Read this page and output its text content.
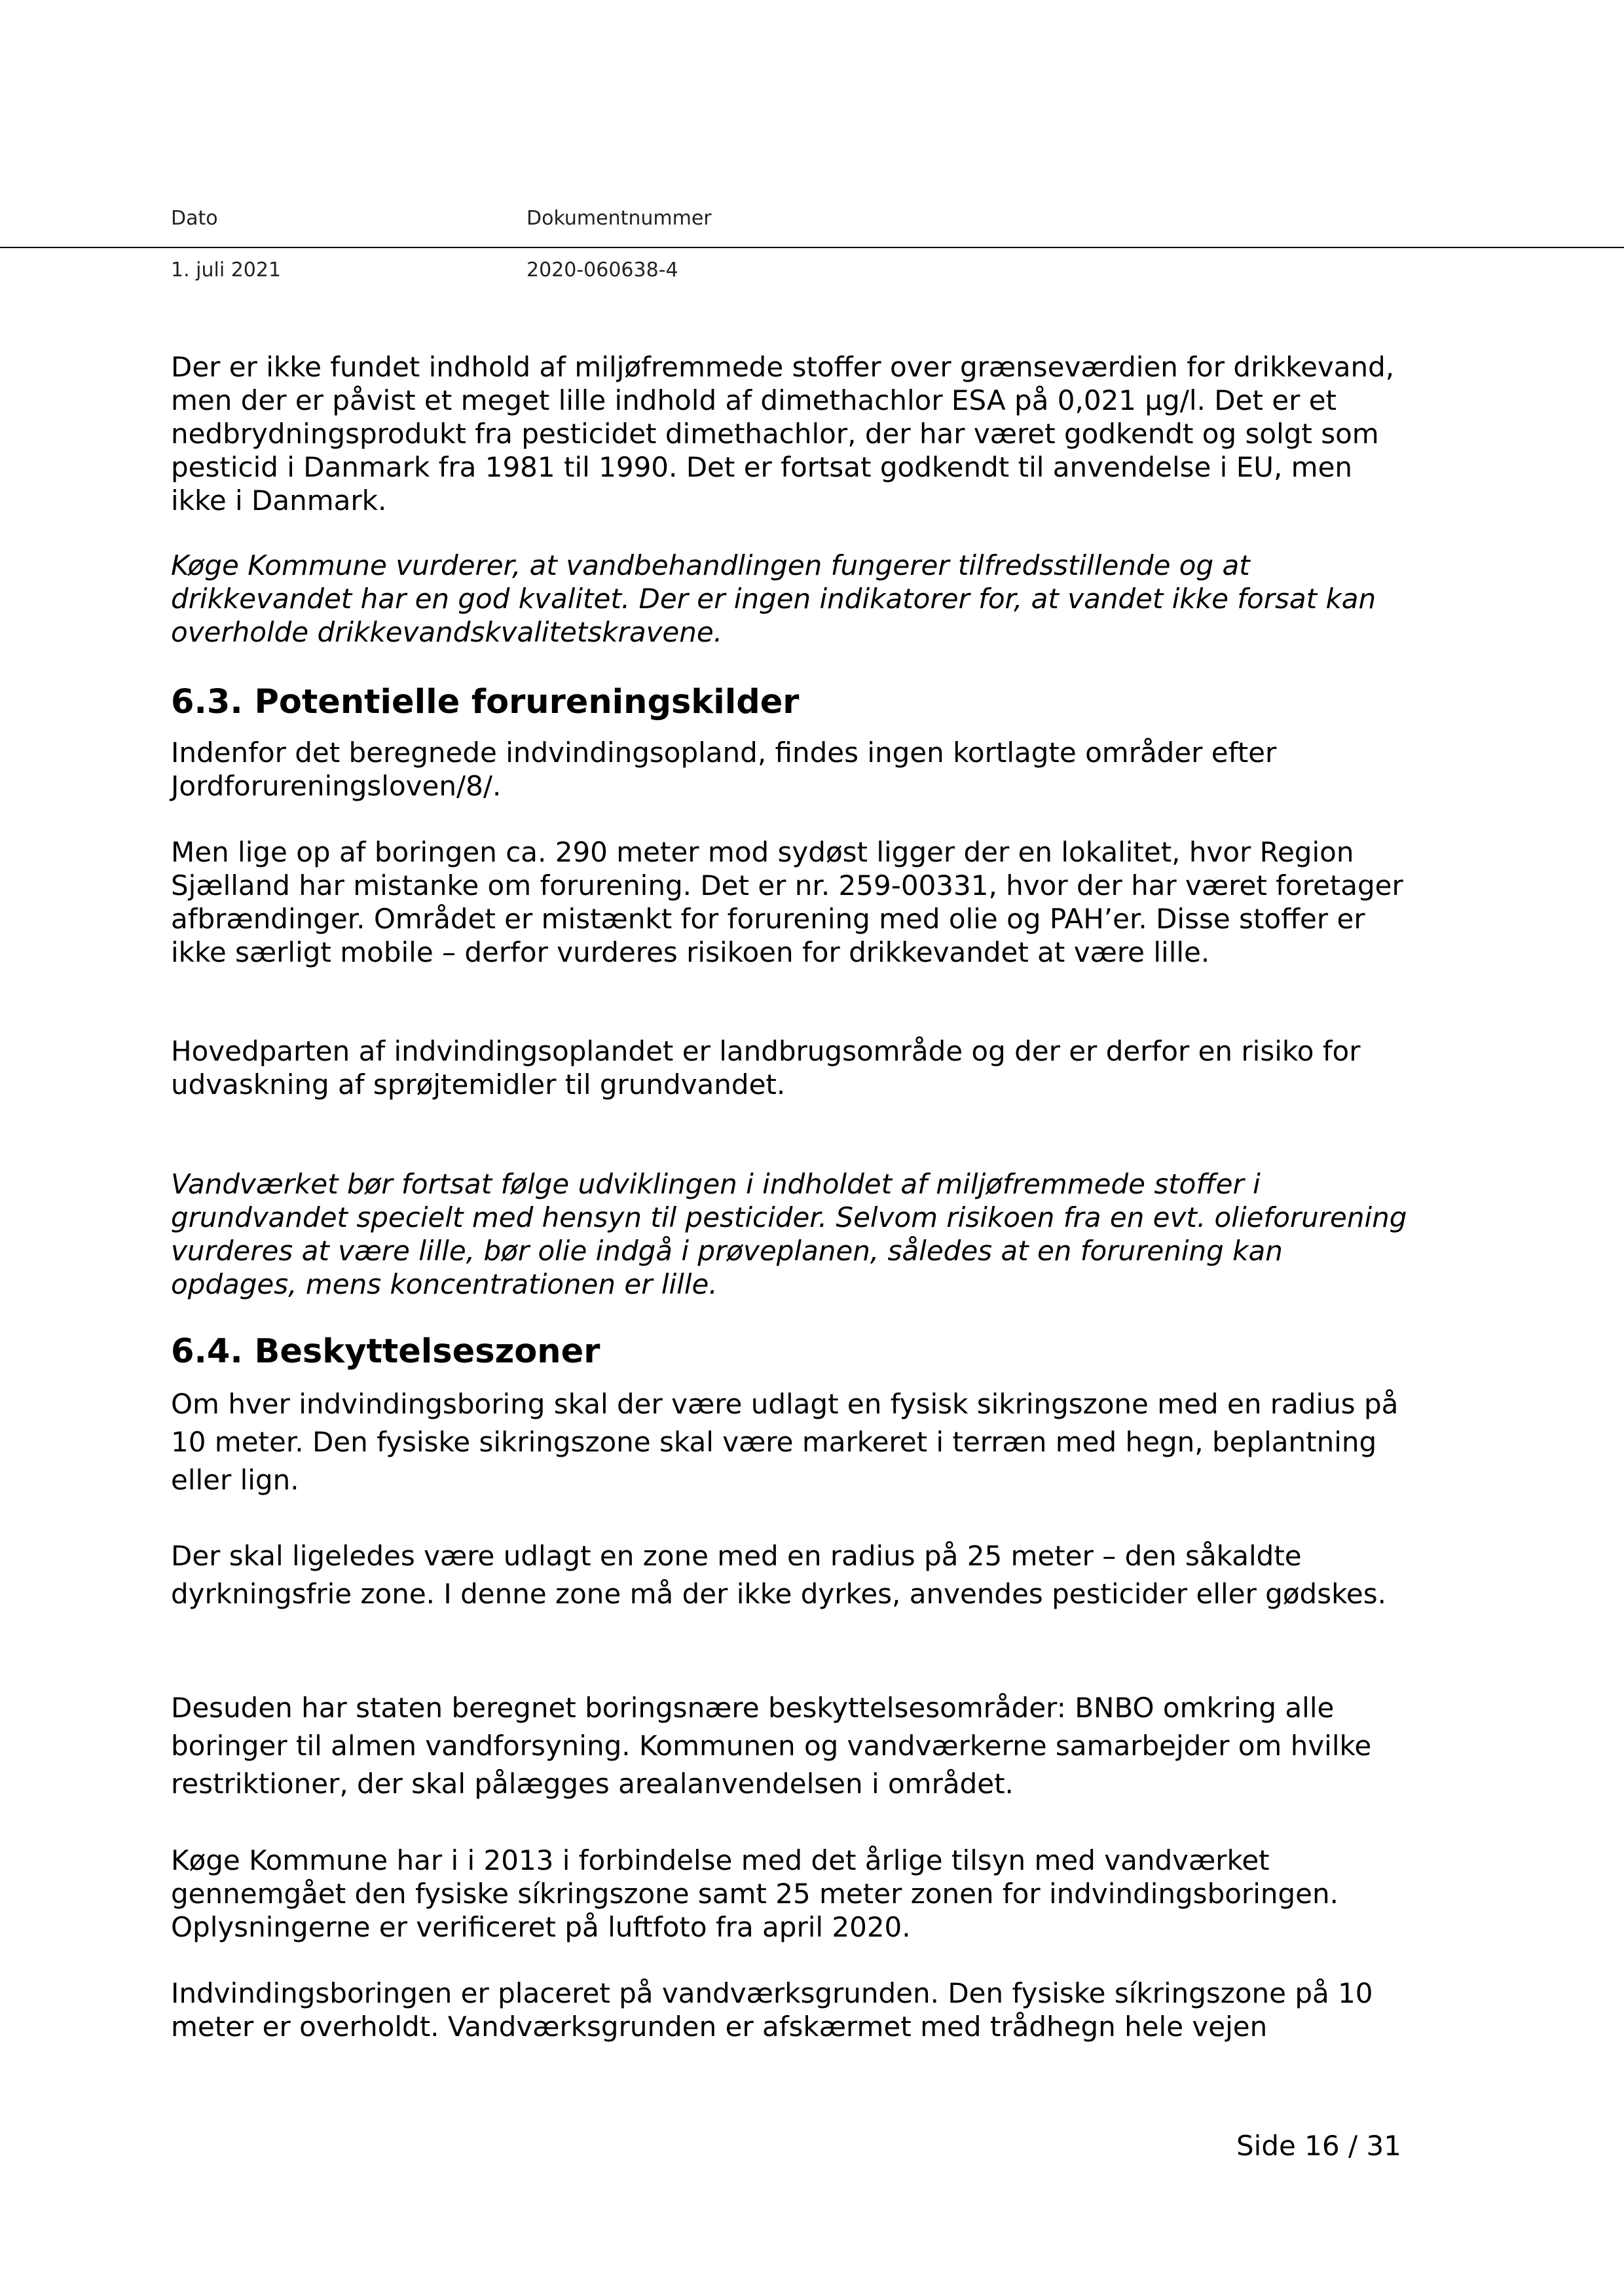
Dato	Dokumentnummer
1. juli 2021	2020-060638-4

Der er ikke fundet indhold af miljøfremmede stoffer over grænseværdien for drikkevand, men der er påvist et meget lille indhold af dimethachlor ESA på 0,021 µg/l. Det er et nedbrydningsprodukt fra pesticidet dimethachlor, der har været godkendt og solgt som pesticid i Danmark fra 1981 til 1990. Det er fortsat godkendt til anvendelse i EU, men ikke i Danmark.

Køge Kommune vurderer, at vandbehandlingen fungerer tilfredsstillende og at drikkevandet har en god kvalitet. Der er ingen indikatorer for, at vandet ikke forsat kan overholde drikkevandskvalitetskravene.

6.3. Potentielle forureningskilder

Indenfor det beregnede indvindingsopland, findes ingen kortlagte områder efter Jordforureningsloven/8/.

Men lige op af boringen ca. 290 meter mod sydøst ligger der en lokalitet, hvor Region Sjælland har mistanke om forurening. Det er nr. 259-00331, hvor der har været foretager afbrændinger. Området er mistænkt for forurening med olie og PAH’er. Disse stoffer er ikke særligt mobile – derfor vurderes risikoen for drikkevandet at være lille.

Hovedparten af indvindingsoplandet er landbrugsområde og der er derfor en risiko for udvaskning af sprøjtemidler til grundvandet.

Vandværket bør fortsat følge udviklingen i indholdet af miljøfremmede stoffer i grundvandet specielt med hensyn til pesticider. Selvom risikoen fra en evt. olieforurening vurderes at være lille, bør olie indgå i prøveplanen, således at en forurening kan opdages, mens koncentrationen er lille.

6.4. Beskyttelseszoner

Om hver indvindingsboring skal der være udlagt en fysisk sikringszone med en radius på 10 meter. Den fysiske sikringszone skal være markeret i terræn med hegn, beplantning eller lign.

Der skal ligeledes være udlagt en zone med en radius på 25 meter – den såkaldte dyrkningsfrie zone. I denne zone må der ikke dyrkes, anvendes pesticider eller gødskes.

Desuden har staten beregnet boringsnære beskyttelsesområder: BNBO omkring alle boringer til almen vandforsyning. Kommunen og vandværkerne samarbejder om hvilke restriktioner, der skal pålægges arealanvendelsen i området.

Køge Kommune har i i 2013 i forbindelse med det årlige tilsyn med vandværket gennemgået den fysiske síkringszone samt 25 meter zonen for indvindingsboringen. Oplysningerne er verificeret på luftfoto fra april 2020.

Indvindingsboringen er placeret på vandværksgrunden. Den fysiske síkringszone på 10 meter er overholdt. Vandværksgrunden er afskærmet med trådhegn hele vejen

Side 16 / 31
